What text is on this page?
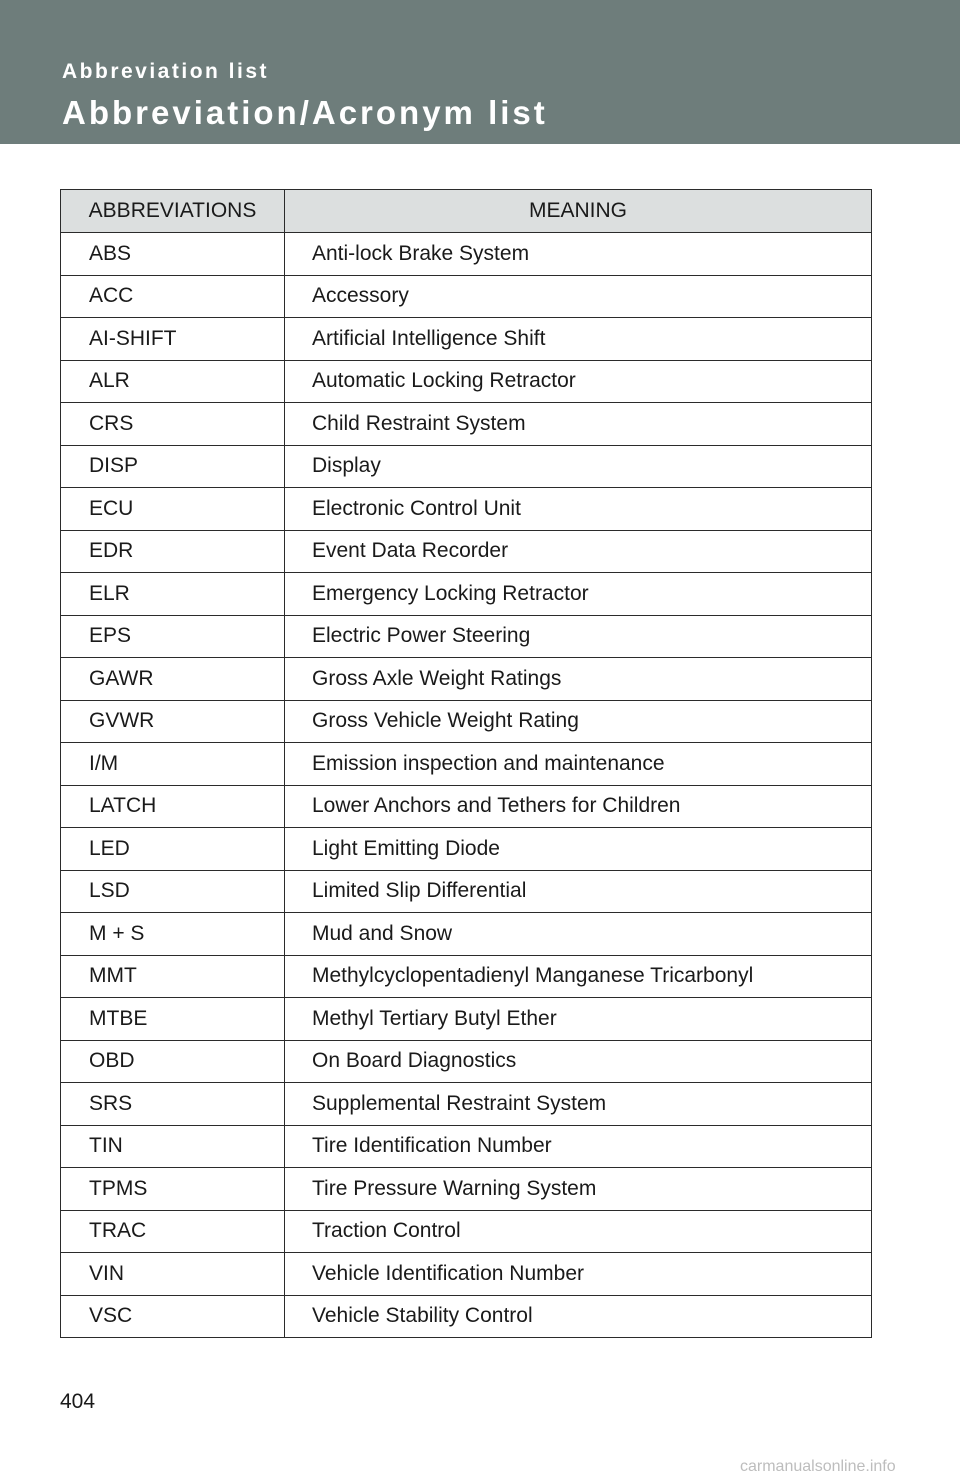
Abbreviation list
Abbreviation/Acronym list
ABBREVIATIONS	MEANING
ABS	Anti-lock Brake System
ACC	Accessory
AI-SHIFT	Artificial Intelligence Shift
ALR	Automatic Locking Retractor
CRS	Child Restraint System
DISP	Display
ECU	Electronic Control Unit
EDR	Event Data Recorder
ELR	Emergency Locking Retractor
EPS	Electric Power Steering
GAWR	Gross Axle Weight Ratings
GVWR	Gross Vehicle Weight Rating
I/M	Emission inspection and maintenance
LATCH	Lower Anchors and Tethers for Children
LED	Light Emitting Diode
LSD	Limited Slip Differential
M + S	Mud and Snow
MMT	Methylcyclopentadienyl Manganese Tricarbonyl
MTBE	Methyl Tertiary Butyl Ether
OBD	On Board Diagnostics
SRS	Supplemental Restraint System
TIN	Tire Identification Number
TPMS	Tire Pressure Warning System
TRAC	Traction Control
VIN	Vehicle Identification Number
VSC	Vehicle Stability Control
404
carmanualsonline.info
